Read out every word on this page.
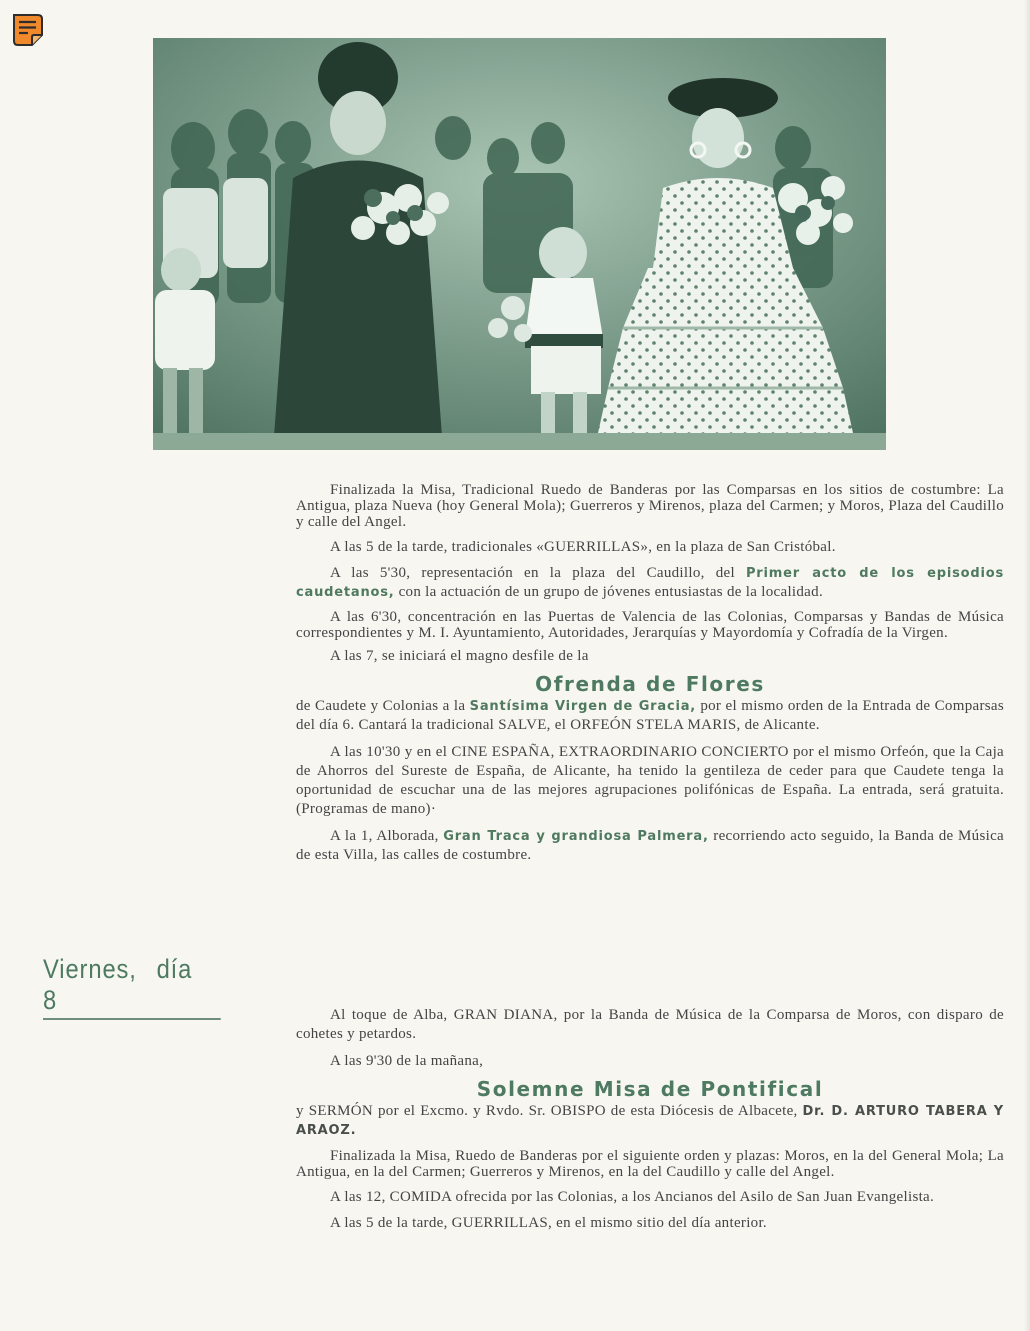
Finalizada la Misa, Tradicional Ruedo de Banderas por las Comparsas en los sitios de costumbre: La Antigua, plaza Nueva (hoy General Mola); Guerreros y Mirenos, plaza del Carmen; y Moros, Plaza del Caudillo y calle del Angel.

A las 5 de la tarde, tradicionales «GUERRILLAS», en la plaza de San Cristóbal.

A las 5'30, representación en la plaza del Caudillo, del Primer acto de los episodios caudetanos, con la actuación de un grupo de jóvenes entusiastas de la localidad.

A las 6'30, concentración en las Puertas de Valencia de las Colonias, Comparsas y Bandas de Música correspondientes y M. I. Ayuntamiento, Autoridades, Jerarquías y Mayordomía y Cofradía de la Virgen.

A las 7, se iniciará el magno desfile de la

Ofrenda de Flores

de Caudete y Colonias a la Santísima Virgen de Gracia, por el mismo orden de la Entrada de Comparsas del día 6. Cantará la tradicional SALVE, el ORFEÓN STELA MARIS, de Alicante.

A las 10'30 y en el CINE ESPAÑA, EXTRAORDINARIO CONCIERTO por el mismo Orfeón, que la Caja de Ahorros del Sureste de España, de Alicante, ha tenido la gentileza de ceder para que Caudete tenga la oportunidad de escuchar una de las mejores agrupaciones polifónicas de España. La entrada, será gratuita. (Programas de mano)·

A la 1, Alborada, Gran Traca y grandiosa Palmera, recorriendo acto seguido, la Banda de Música de esta Villa, las calles de costumbre.

Viernes, día 8	Al toque de Alba, GRAN DIANA, por la Banda de Música de la Comparsa de Moros, con disparo de cohetes y petardos.

A las 9'30 de la mañana,

Solemne Misa de Pontifical

y SERMÓN por el Excmo. y Rvdo. Sr. OBISPO de esta Diócesis de Albacete, Dr. D. ARTURO TABERA Y ARAOZ.

Finalizada la Misa, Ruedo de Banderas por el siguiente orden y plazas: Moros, en la del General Mola; La Antigua, en la del Carmen; Guerreros y Mirenos, en la del Caudillo y calle del Angel.

A las 12, COMIDA ofrecida por las Colonias, a los Ancianos del Asilo de San Juan Evangelista.

A las 5 de la tarde, GUERRILLAS, en el mismo sitio del día anterior.
